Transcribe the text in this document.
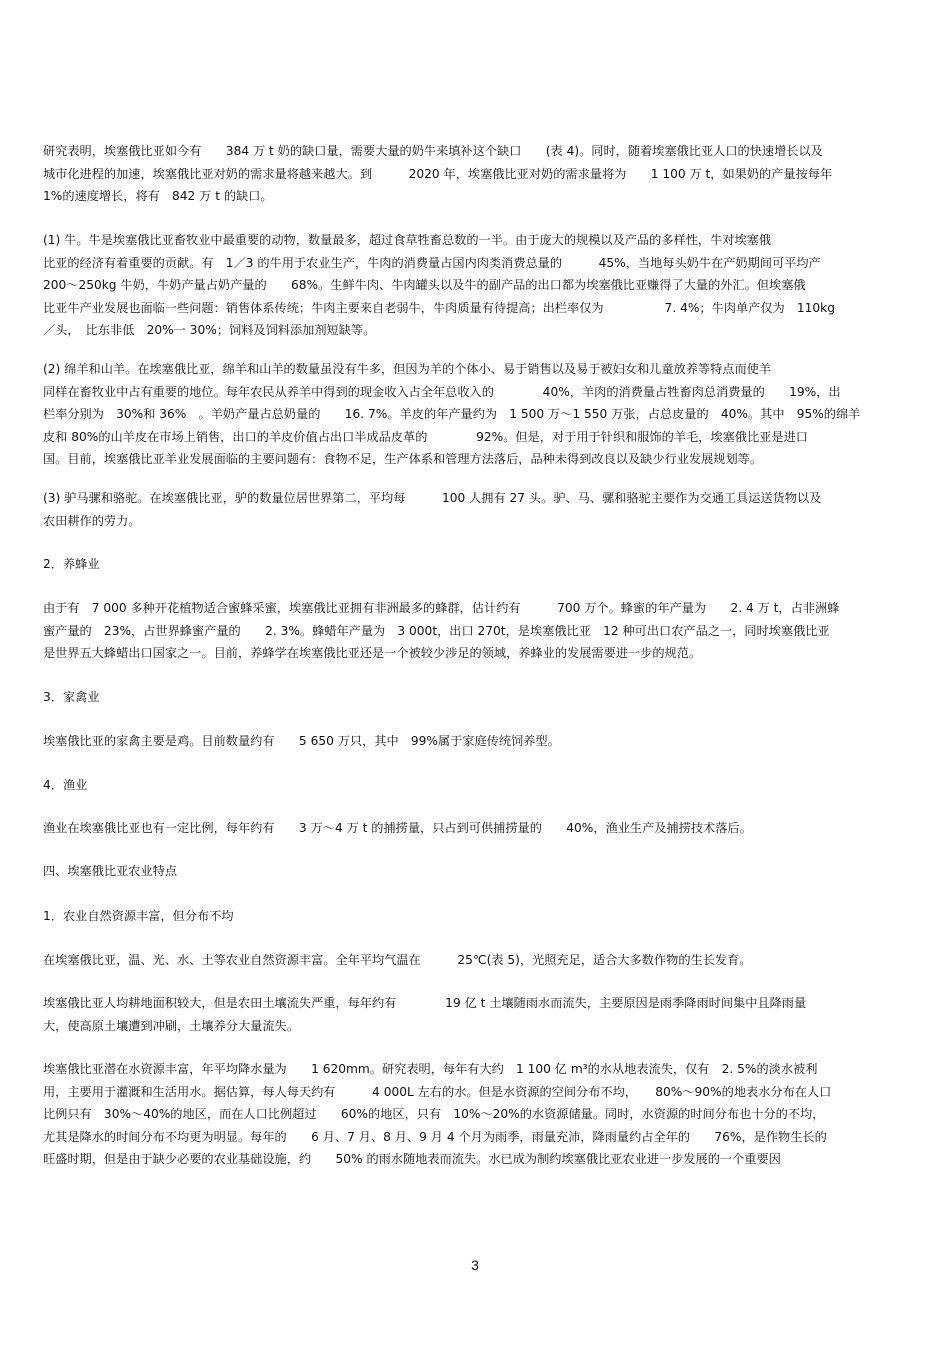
研究表明，埃塞俄比亚如今有　　384 万 t 奶的缺口量，需要大量的奶牛来填补这个缺口　　(表 4)。同时，随着埃塞俄比亚人口的快速增长以及
城市化进程的加速，埃塞俄比亚对奶的需求量将越来越大。到　　　2020 年，埃塞俄比亚对奶的需求量将为　　1 100 万 t，如果奶的产量按每年
1%的速度增长，将有　842 万 t 的缺口。
(1) 牛。牛是埃塞俄比亚畜牧业中最重要的动物，数量最多，超过食草牲畜总数的一半。由于庞大的规模以及产品的多样性，牛对埃塞俄
比亚的经济有着重要的贡献。有　1／3 的牛用于农业生产，牛肉的消费量占国内肉类消费总量的　　　45%，当地每头奶牛在产奶期间可平均产
200～250kg 牛奶，牛奶产量占奶产量的　　68%。生鲜牛肉、牛肉罐头以及牛的副产品的出口都为埃塞俄比亚赚得了大量的外汇。但埃塞俄
比亚牛产业发展也面临一些问题：销售体系传统；牛肉主要来自老弱牛，牛肉质量有待提高；出栏率仅为　　　　　7. 4%；牛肉单产仅为　110kg
／头，　比东非低　20%一 30%；饲料及饲料添加剂短缺等。
(2) 绵羊和山羊。在埃塞俄比亚，绵羊和山羊的数量虽没有牛多，但因为羊的个体小、易于销售以及易于被妇女和儿童放养等特点而使羊
同样在畜牧业中占有重要的地位。每年农民从养羊中得到的现金收入占全年总收入的　　　　40%，羊肉的消费量占牲畜肉总消费量的　　19%，出
栏率分别为　30%和 36%　。羊奶产量占总奶量的　　16. 7%。羊皮的年产量约为　1 500 万～1 550 万张，占总皮量的　40%。其中　95%的绵羊
皮和 80%的山羊皮在市场上销售，出口的羊皮价值占出口半成品皮革的　　　　92%。但是，对于用于针织和服饰的羊毛，埃塞俄比亚是进口
国。目前，埃塞俄比亚羊业发展面临的主要问题有：食物不足，生产体系和管理方法落后，品种未得到改良以及缺少行业发展规划等。
(3) 驴马骡和骆驼。在埃塞俄比亚，驴的数量位居世界第二，平均每　　　100 人拥有 27 头。驴、马、骡和骆驼主要作为交通工具运送货物以及
农田耕作的劳力。
2．养蜂业
由于有　7 000 多种开花植物适合蜜蜂采蜜，埃塞俄比亚拥有非洲最多的蜂群，估计约有　　　700 万个。蜂蜜的年产量为　　2. 4 万 t，占非洲蜂
蜜产量的　23%，占世界蜂蜜产量的　　2. 3%。蜂蜡年产量为　3 000t，出口 270t，是埃塞俄比亚　12 种可出口农产品之一，同时埃塞俄比亚
是世界五大蜂蜡出口国家之一。目前，养蜂学在埃塞俄比亚还是一个被较少涉足的领域，养蜂业的发展需要进一步的规范。
3．家禽业
埃塞俄比亚的家禽主要是鸡。目前数量约有　　5 650 万只，其中　99%属于家庭传统饲养型。
4．渔业
渔业在埃塞俄比亚也有一定比例，每年约有　　3 万～4 万 t 的捕捞量，只占到可供捕捞量的　　40%，渔业生产及捕捞技术落后。
四、埃塞俄比亚农业特点
1．农业自然资源丰富，但分布不均
在埃塞俄比亚，温、光、水、土等农业自然资源丰富。全年平均气温在　　　25℃(表 5)，光照充足，适合大多数作物的生长发育。
埃塞俄比亚人均耕地面积较大，但是农田土壤流失严重，每年约有　　　　19 亿 t 土壤随雨水而流失，主要原因是雨季降雨时间集中且降雨量
大，使高原土壤遭到冲刷，土壤养分大量流失。
埃塞俄比亚潜在水资源丰富，年平均降水量为　　1 620mm。研究表明，每年有大约　1 100 亿 m³的水从地表流失，仅有　2. 5%的淡水被利
用，主要用于灌溉和生活用水。据估算，每人每天约有　　　4 000L 左右的水。但是水资源的空间分布不均，　　80%～90%的地表水分布在人口
比例只有　30%～40%的地区，而在人口比例超过　　60%的地区，只有　10%～20%的水资源储量。同时，水资源的时间分布也十分的不均，
尤其是降水的时间分布不均更为明显。每年的　　6 月、7 月、8 月、9 月 4 个月为雨季，雨量充沛，降雨量约占全年的　　76%，是作物生长的
旺盛时期，但是由于缺少必要的农业基础设施，约　　50% 的雨水随地表而流失。水已成为制约埃塞俄比亚农业进一步发展的一个重要因
3
